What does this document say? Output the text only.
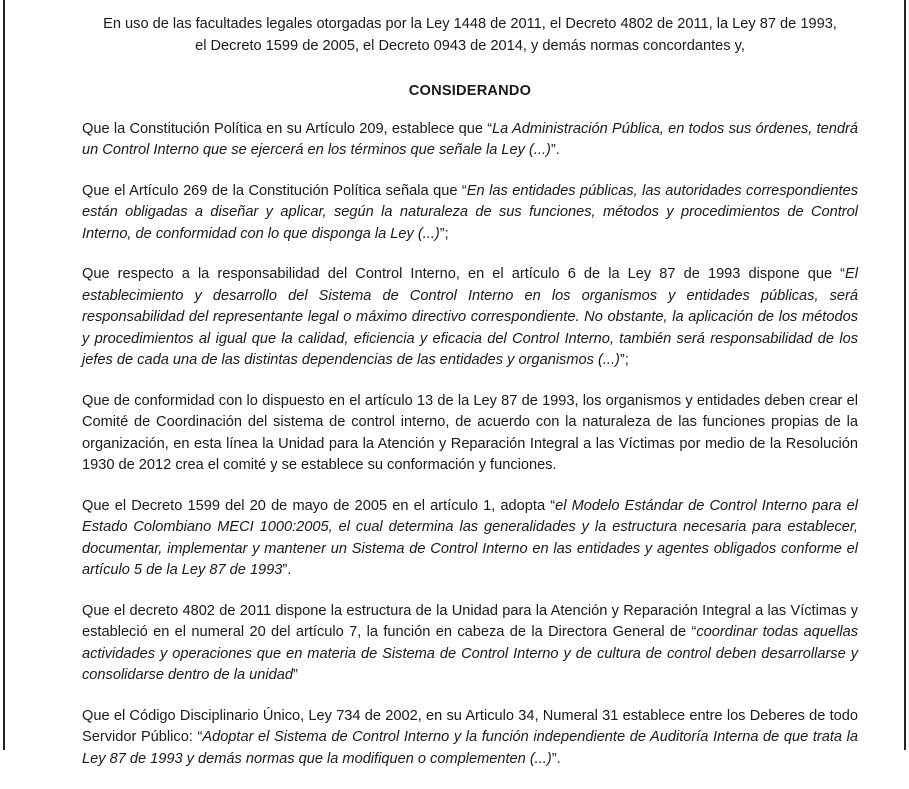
En uso de las facultades legales otorgadas por la Ley 1448 de 2011, el Decreto 4802 de 2011, la Ley 87 de 1993,
el Decreto 1599 de 2005, el Decreto 0943 de 2014, y demás normas concordantes y,

CONSIDERANDO

Que la Constitución Política en su Artículo 209, establece que “La Administración Pública, en todos sus órdenes, tendrá un Control Interno que se ejercerá en los términos que señale la Ley (...)”.

Que el Artículo 269 de la Constitución Política señala que “En las entidades públicas, las autoridades correspondientes están obligadas a diseñar y aplicar, según la naturaleza de sus funciones, métodos y procedimientos de Control Interno, de conformidad con lo que disponga la Ley (...)”;

Que respecto a la responsabilidad del Control Interno, en el artículo 6 de la Ley 87 de 1993 dispone que “El establecimiento y desarrollo del Sistema de Control Interno en los organismos y entidades públicas, será responsabilidad del representante legal o máximo directivo correspondiente. No obstante, la aplicación de los métodos y procedimientos al igual que la calidad, eficiencia y eficacia del Control Interno, también será responsabilidad de los jefes de cada una de las distintas dependencias de las entidades y organismos (...)”;

Que de conformidad con lo dispuesto en el artículo 13 de la Ley 87 de 1993, los organismos y entidades deben crear el Comité de Coordinación del sistema de control interno, de acuerdo con la naturaleza de las funciones propias de la organización, en esta línea la Unidad para la Atención y Reparación Integral a las Víctimas por medio de la Resolución 1930 de 2012 crea el comité y se establece su conformación y funciones.

Que el Decreto 1599 del 20 de mayo de 2005 en el artículo 1, adopta “el Modelo Estándar de Control Interno para el Estado Colombiano MECI 1000:2005, el cual determina las generalidades y la estructura necesaria para establecer, documentar, implementar y mantener un Sistema de Control Interno en las entidades y agentes obligados conforme el artículo 5 de la Ley 87 de 1993”.

Que el decreto 4802 de 2011 dispone la estructura de la Unidad para la Atención y Reparación Integral a las Víctimas y estableció en el numeral 20 del artículo 7, la función en cabeza de la Directora General de “coordinar todas aquellas actividades y operaciones que en materia de Sistema de Control Interno y de cultura de control deben desarrollarse y consolidarse dentro de la unidad”

Que el Código Disciplinario Único, Ley 734 de 2002, en su Articulo 34, Numeral 31 establece entre los Deberes de todo Servidor Público: “Adoptar el Sistema de Control Interno y la función independiente de Auditoría Interna de que trata la Ley 87 de 1993 y demás normas que la modifiquen o complementen (...)”.
